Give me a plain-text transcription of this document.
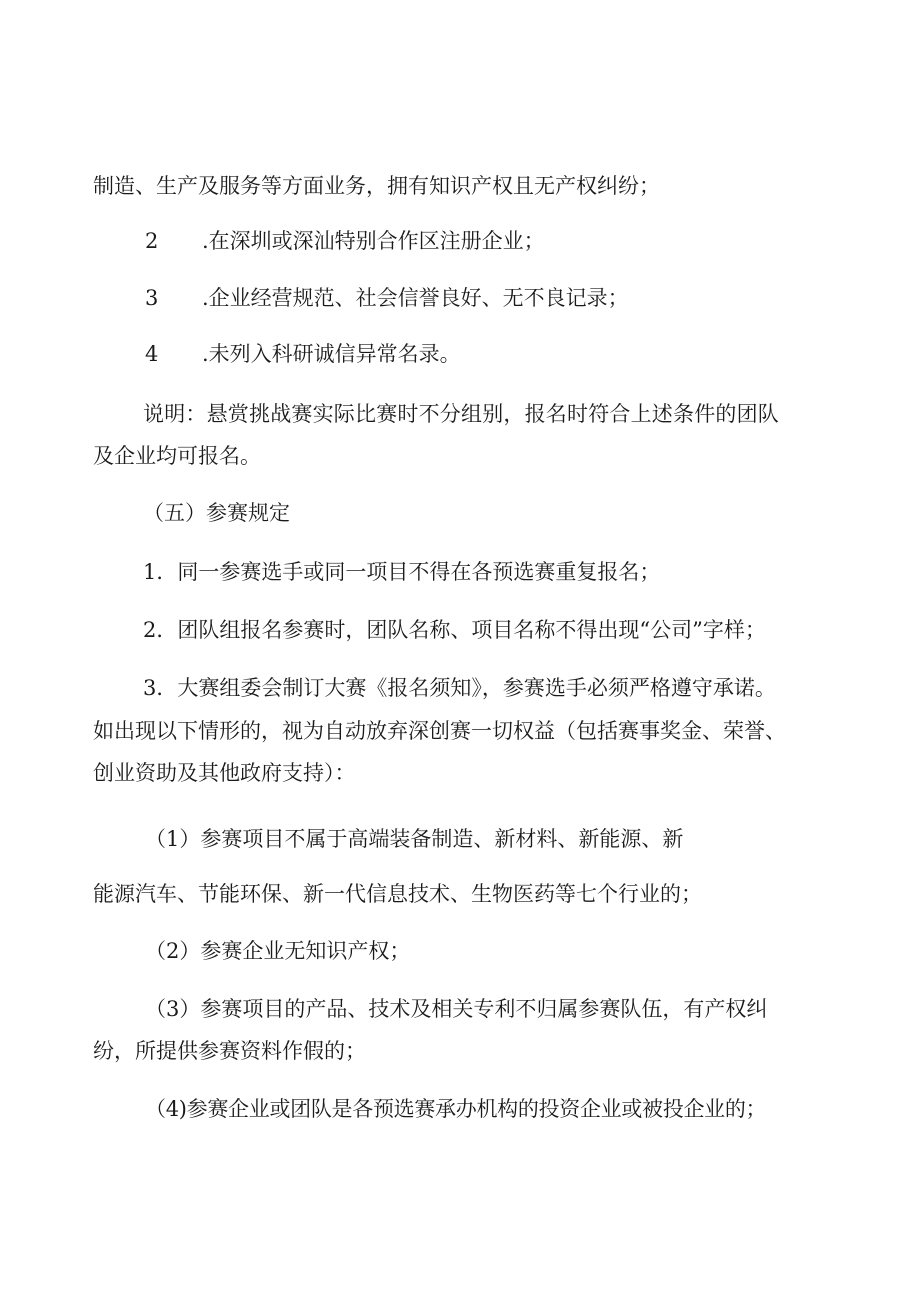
制造、生产及服务等方面业务，拥有知识产权且无产权纠纷；
2 .在深圳或深汕特别合作区注册企业；
3 .企业经营规范、社会信誉良好、无不良记录；
4 .未列入科研诚信异常名录。
说明：悬赏挑战赛实际比赛时不分组别，报名时符合上述条件的团队
及企业均可报名。
（五）参赛规定
1．同一参赛选手或同一项目不得在各预选赛重复报名；
2．团队组报名参赛时，团队名称、项目名称不得出现“公司”字样；
3．大赛组委会制订大赛《报名须知》，参赛选手必须严格遵守承诺。
如出现以下情形的，视为自动放弃深创赛一切权益（包括赛事奖金、荣誉、
创业资助及其他政府支持）：
（1）参赛项目不属于高端装备制造、新材料、新能源、新
能源汽车、节能环保、新一代信息技术、生物医药等七个行业的；
（2）参赛企业无知识产权；
（3）参赛项目的产品、技术及相关专利不归属参赛队伍，有产权纠
纷，所提供参赛资料作假的；
（4)参赛企业或团队是各预选赛承办机构的投资企业或被投企业的；
